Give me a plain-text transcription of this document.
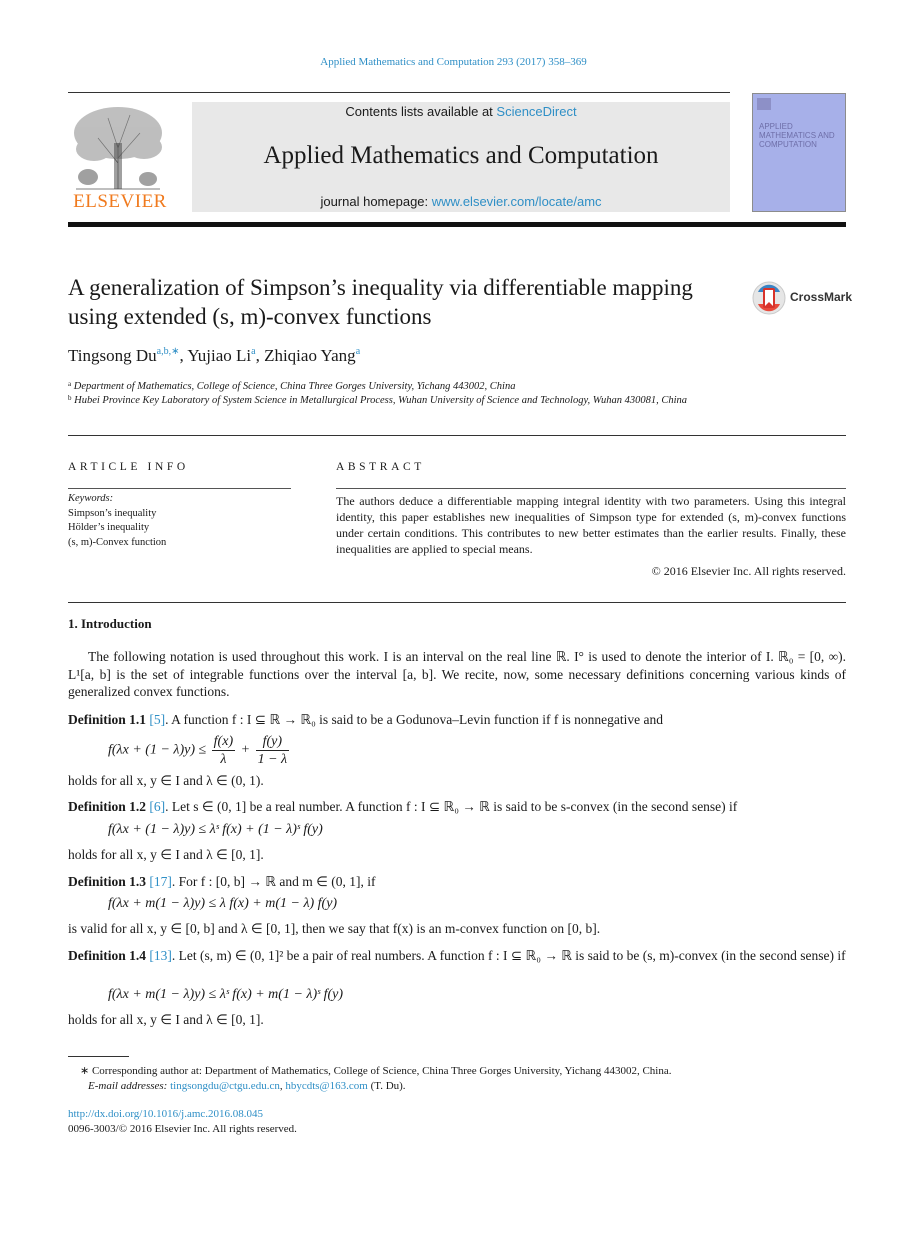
Applied Mathematics and Computation 293 (2017) 358–369
ELSEVIER
Contents lists available at ScienceDirect
Applied Mathematics and Computation
journal homepage: www.elsevier.com/locate/amc
APPLIED MATHEMATICS AND COMPUTATION
A generalization of Simpson’s inequality via differentiable mapping using extended (s, m)-convex functions
CrossMark
Tingsong $Du^{a,b,∗}$, Yujiao Li$^a$, Zhiqiao Yang$^a$
$^a$ Department of Mathematics, College of Science, China Three Gorges University, Yichang 443002, China
$^b$ Hubei Province Key Laboratory of System Science in Metallurgical Process, Wuhan University of Science and Technology, Wuhan 430081, China
ARTICLE INFO	ABSTRACT
Keywords:
Simpson’s inequality
Hölder’s inequality
(s, m)-Convex function
The authors deduce a differentiable mapping integral identity with two parameters. Using this integral identity, this paper establishes new inequalities of Simpson type for extended (s, m)-convex functions under certain conditions. This contributes to new better estimates than the earlier results. Finally, these inequalities are applied to special means.
© 2016 Elsevier Inc. All rights reserved.
1. Introduction
The following notation is used throughout this work. I is an interval on the real line ℝ. I° is used to denote the interior of I. ℝ₀ = [0, ∞). L¹[a, b] is the set of integrable functions over the interval [a, b]. We recite, now, some necessary definitions concerning various kinds of generalized convex functions.
Definition 1.1 [5]. A function f : I ⊆ ℝ → ℝ₀ is said to be a Godunova–Levin function if f is nonnegative and
$f(\lambda x + (1 - \lambda)y) \le \frac{f(x)}{\lambda} + \frac{f(y)}{1 - \lambda}$
holds for all x, y ∈ I and λ ∈ (0, 1).
Definition 1.2 [6]. Let s ∈ (0, 1] be a real number. A function f : I ⊆ ℝ₀ → ℝ is said to be s-convex (in the second sense) if
f(λx + (1 − λ)y) ≤ λˢ f(x) + (1 − λ)ˢ f(y)
holds for all x, y ∈ I and λ ∈ [0, 1].
Definition 1.3 [17]. For f : [0, b] → ℝ and m ∈ (0, 1], if
f(λx + m(1 − λ)y) ≤ λ f(x) + m(1 − λ) f(y)
is valid for all x, y ∈ [0, b] and λ ∈ [0, 1], then we say that f(x) is an m-convex function on [0, b].
Definition 1.4 [13]. Let (s, m) ∈ (0, 1]² be a pair of real numbers. A function f : I ⊆ ℝ₀ → ℝ is said to be (s, m)-convex (in the second sense) if
f(λx + m(1 − λ)y) ≤ λˢ f(x) + m(1 − λ)ˢ f(y)
holds for all x, y ∈ I and λ ∈ [0, 1].
∗ Corresponding author at: Department of Mathematics, College of Science, China Three Gorges University, Yichang 443002, China.
E-mail addresses: tingsongdu@ctgu.edu.cn, hbycdts@163.com (T. Du).
http://dx.doi.org/10.1016/j.amc.2016.08.045
0096-3003/© 2016 Elsevier Inc. All rights reserved.
